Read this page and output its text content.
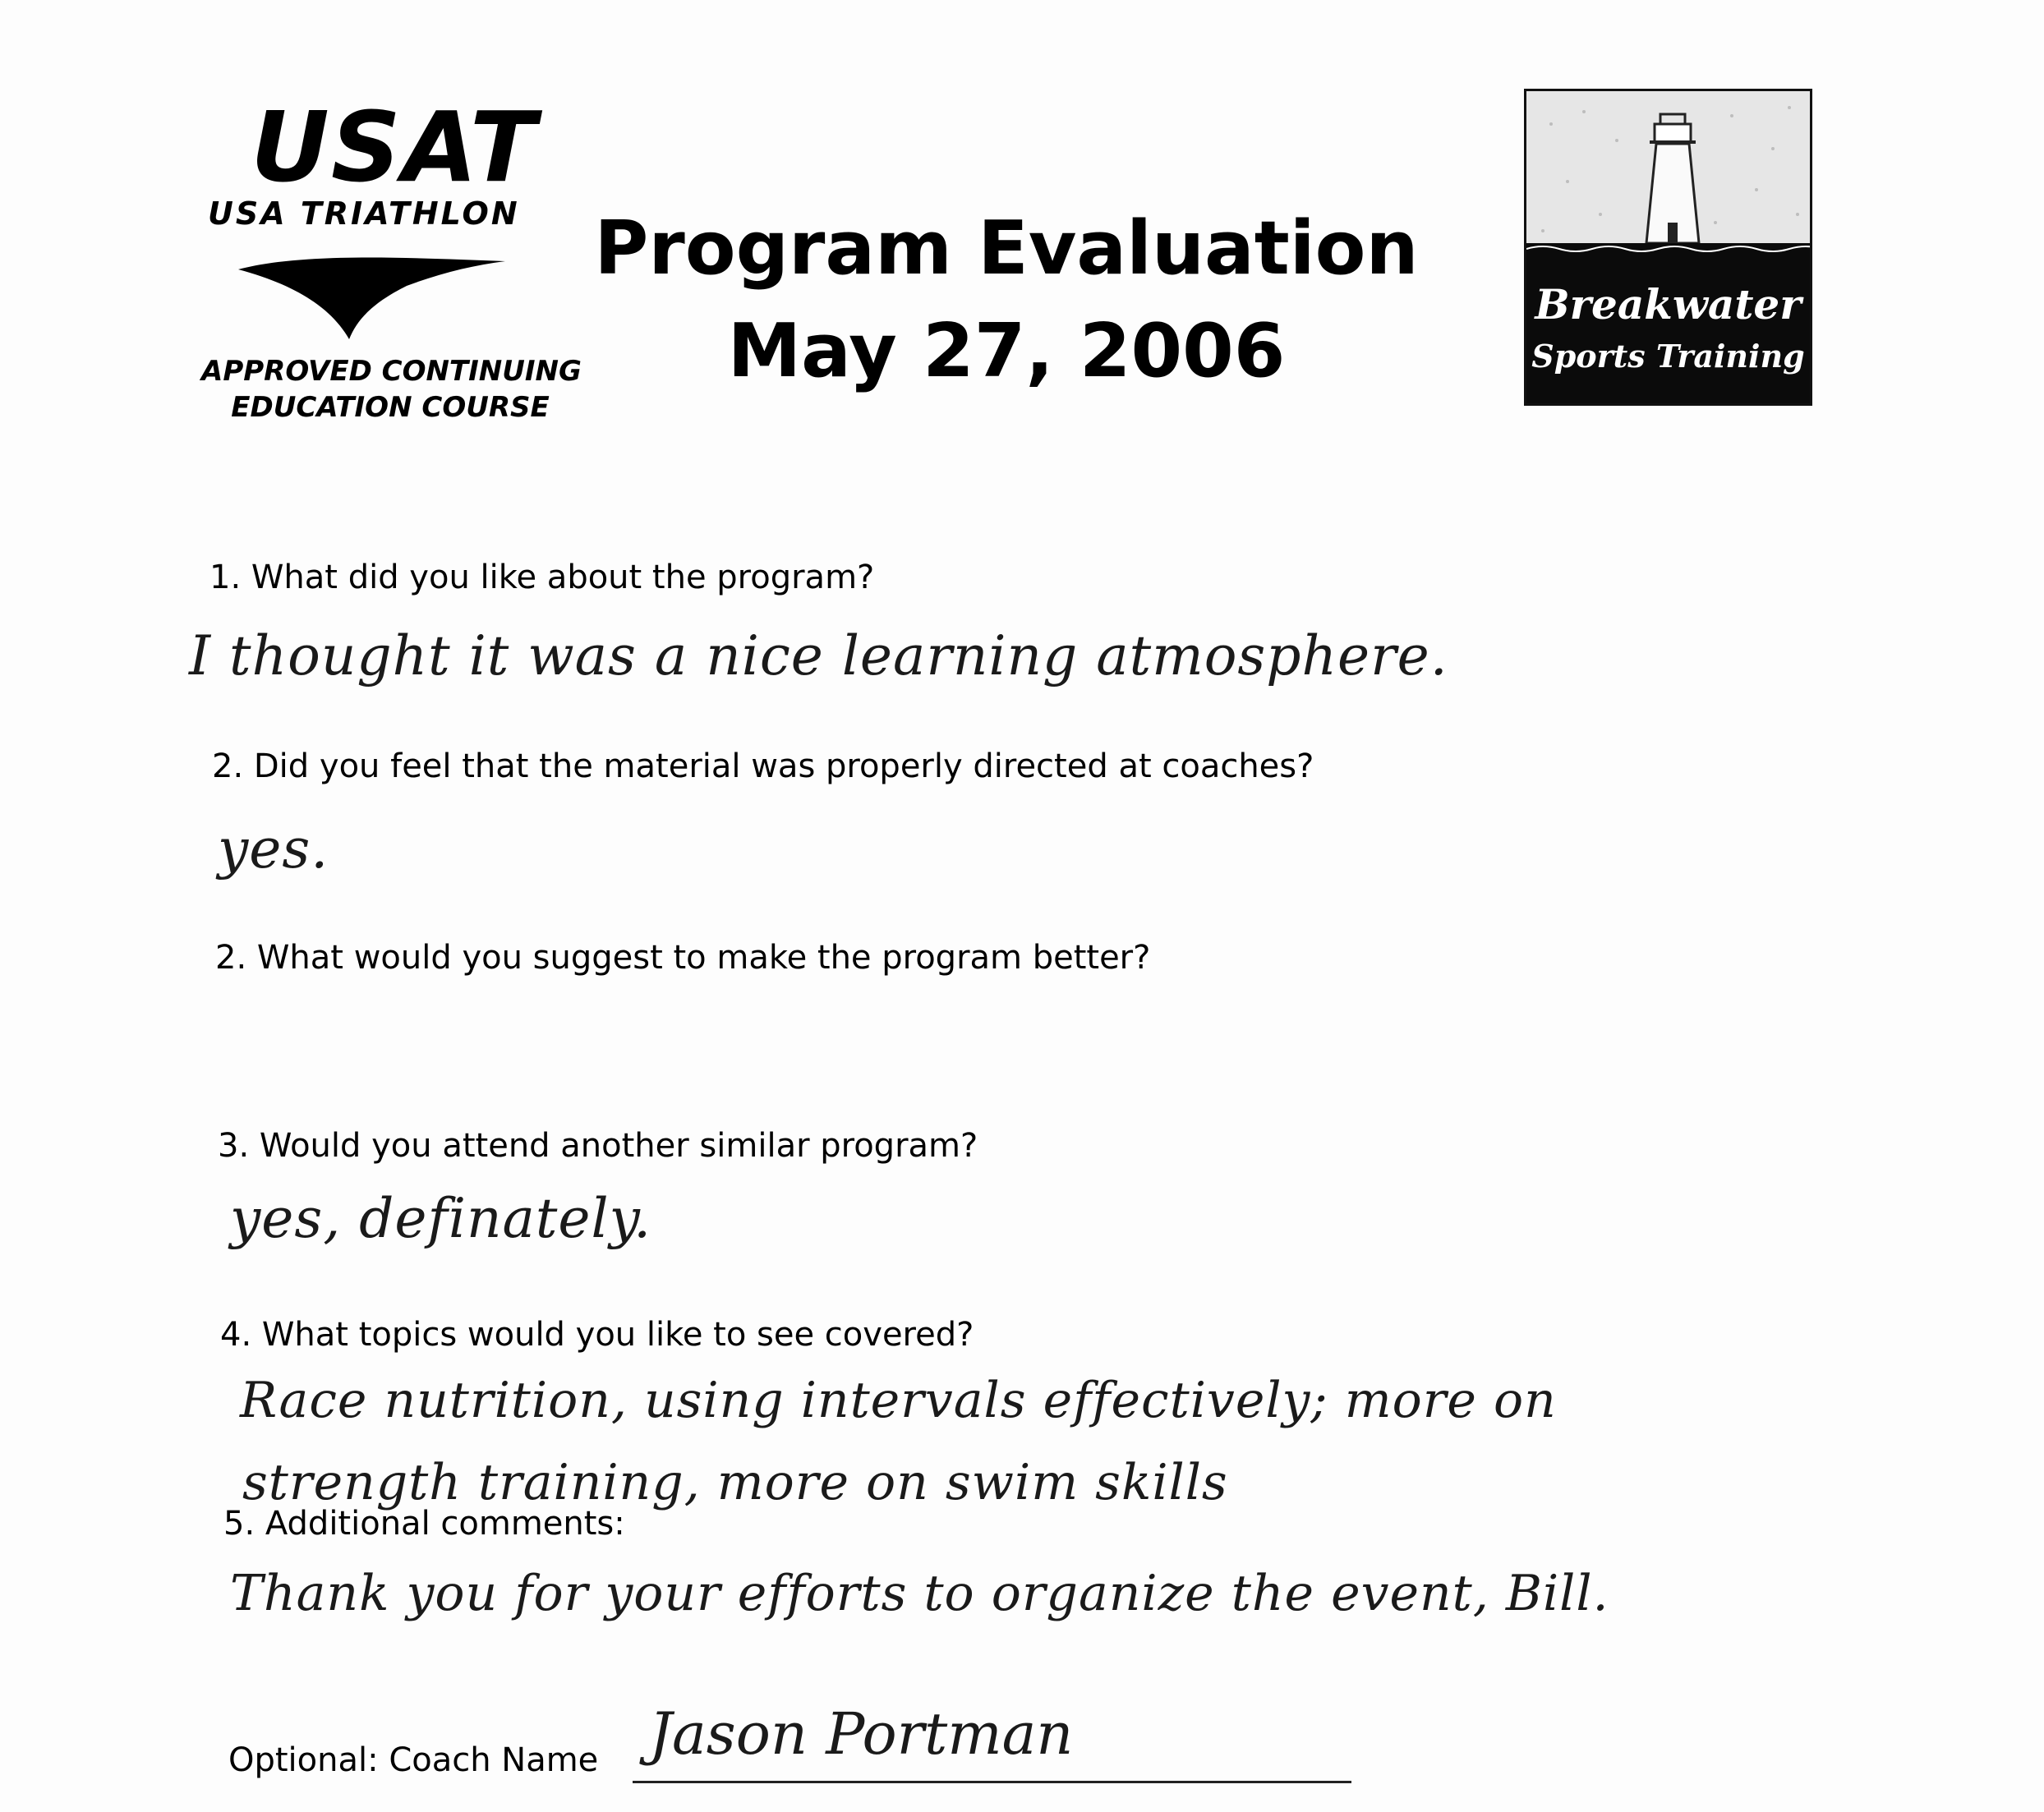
USAT
USA TRIATHLON
APPROVED CONTINUING
EDUCATION COURSE
Program Evaluation
May 27, 2006
Breakwater
Sports Training
1. What did you like about the program?
I thought it was a nice learning atmosphere.
2. Did you feel that the material was properly directed at coaches?
yes.
2. What would you suggest to make the program better?
3. Would you attend another similar program?
yes, definately.
4. What topics would you like to see covered?
Race nutrition, using intervals effectively; more on
strength training, more on swim skills
5. Additional comments:
Thank you for your efforts to organize the event, Bill.
Optional: Coach Name Jason Portman
